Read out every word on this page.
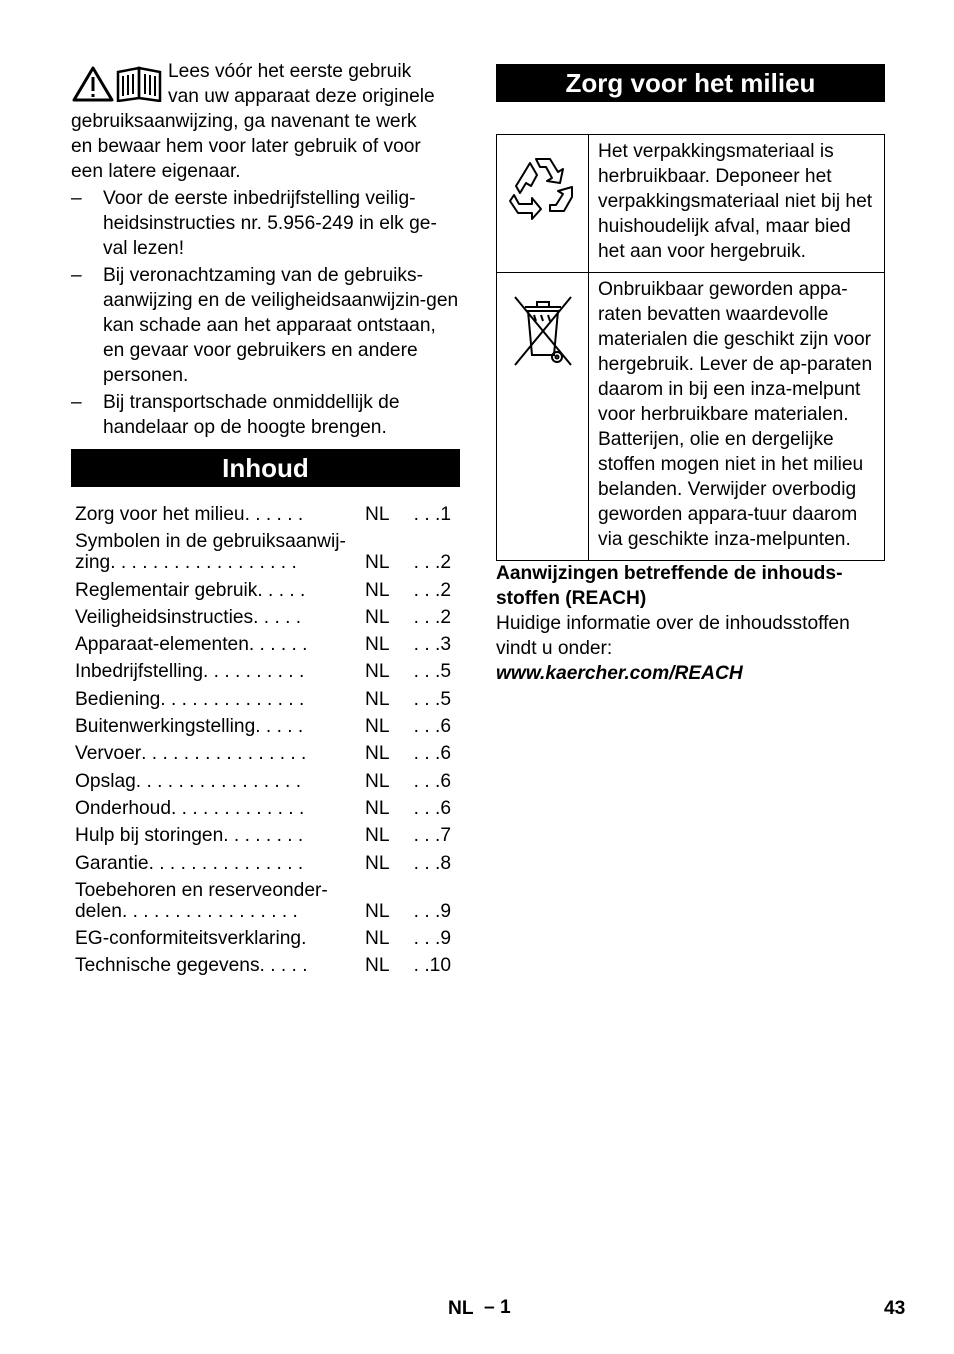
Lees vóór het eerste gebruik
van uw apparaat deze originele
gebruiksaanwijzing, ga navenant te werk
en bewaar hem voor later gebruik of voor
een latere eigenaar.
– Voor de eerste inbedrijfstelling veilig-heidsinstructies nr. 5.956-249 in elk ge-val lezen!
– Bij veronachtzaming van de gebruiks-aanwijzing en de veiligheidsaanwijzin-gen kan schade aan het apparaat ontstaan, en gevaar voor gebruikers en andere personen.
– Bij transportschade onmiddellijk de handelaar op de hoogte brengen.
Inhoud
Zorg voor het milieu . . . . . .	NL	. . .1
Symbolen in de gebruiksaanwij-
zing . . . . . . . . . . . . . . . . . .	NL	. . .2
Reglementair gebruik . . . . .	NL	. . .2
Veiligheidsinstructies . . . . .	NL	. . .2
Apparaat-elementen . . . . . .	NL	. . .3
Inbedrijfstelling . . . . . . . . . .	NL	. . .5
Bediening . . . . . . . . . . . . . .	NL	. . .5
Buitenwerkingstelling . . . . .	NL	. . .6
Vervoer . . . . . . . . . . . . . . . .	NL	. . .6
Opslag . . . . . . . . . . . . . . . .	NL	. . .6
Onderhoud . . . . . . . . . . . . .	NL	. . .6
Hulp bij storingen . . . . . . . .	NL	. . .7
Garantie . . . . . . . . . . . . . . .	NL	. . .8
Toebehoren en reserveonder-
delen . . . . . . . . . . . . . . . . .	NL	. . .9
EG-conformiteitsverklaring .	NL	. . .9
Technische gegevens . . . . .	NL	. .10
Zorg voor het milieu
	Het verpakkingsmateriaal is herbruikbaar. Deponeer het verpakkingsmateriaal niet bij het huishoudelijk afval, maar bied het aan voor hergebruik.
	Onbruikbaar geworden appa-raten bevatten waardevolle materialen die geschikt zijn voor hergebruik. Lever de ap-paraten daarom in bij een inza-melpunt voor herbruikbare materialen. Batterijen, olie en dergelijke stoffen mogen niet in het milieu belanden. Verwijder overbodig geworden appara-tuur daarom via geschikte inza-melpunten.
Aanwijzingen betreffende de inhouds-stoffen (REACH)
Huidige informatie over de inhoudsstoffen vindt u onder:
www.kaercher.com/REACH
NL – 1	43
